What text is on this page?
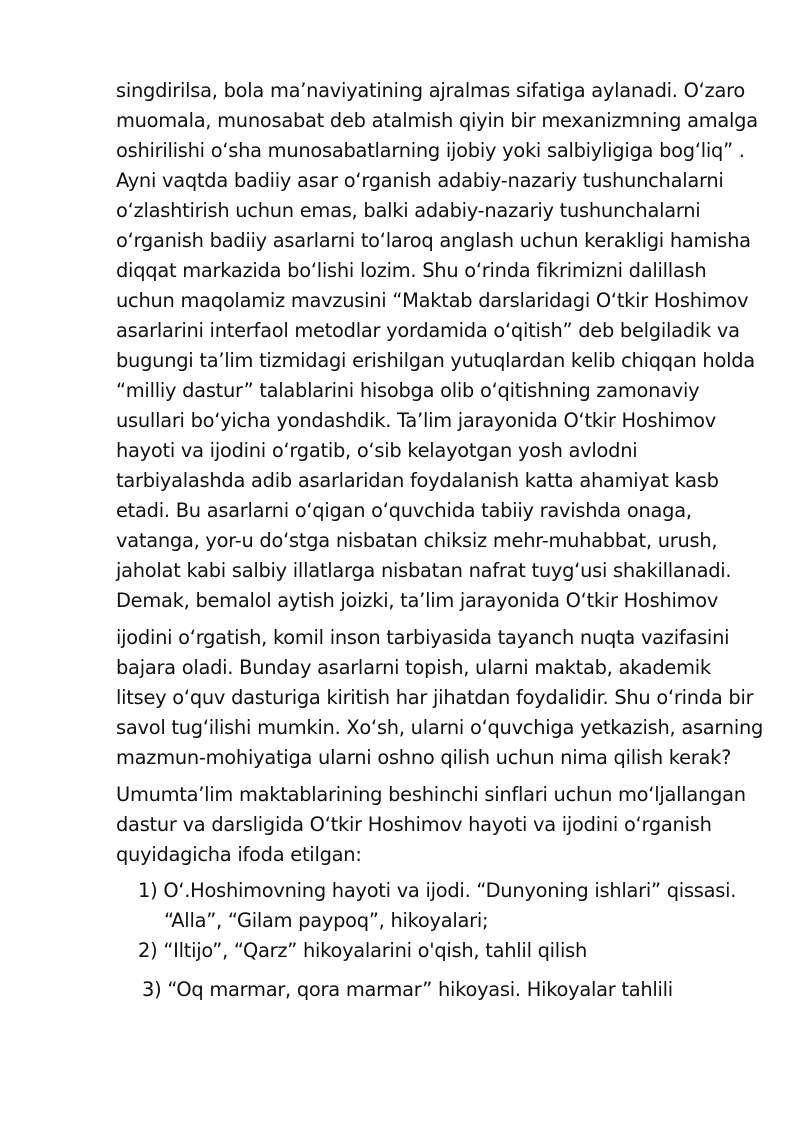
singdirilsa, bola ma’naviyatining ajralmas sifatiga aylanadi. O‘zaro
muomala, munosabat deb atalmish qiyin bir mexanizmning amalga
oshirilishi o‘sha munosabatlarning ijobiy yoki salbiyligiga bog‘liq” .
Ayni vaqtda badiiy asar o‘rganish adabiy-nazariy tushunchalarni
o‘zlashtirish uchun emas, balki adabiy-nazariy tushunchalarni
o‘rganish badiiy asarlarni to‘laroq anglash uchun kerakligi hamisha
diqqat markazida bo‘lishi lozim. Shu o‘rinda fikrimizni dalillash
uchun maqolamiz mavzusini “Maktab darslaridagi O‘tkir Hoshimov
asarlarini interfaol metodlar yordamida o‘qitish” deb belgiladik va
bugungi ta’lim tizmidagi erishilgan yutuqlardan kelib chiqqan holda
“milliy dastur” talablarini hisobga olib o‘qitishning zamonaviy
usullari bo‘yicha yondashdik. Ta’lim jarayonida O‘tkir Hoshimov
hayoti va ijodini o‘rgatib, o‘sib kelayotgan yosh avlodni
tarbiyalashda adib asarlaridan foydalanish katta ahamiyat kasb
etadi. Bu asarlarni o‘qigan o‘quvchida tabiiy ravishda onaga,
vatanga, yor-u do‘stga nisbatan chiksiz mehr-muhabbat, urush,
jaholat kabi salbiy illatlarga nisbatan nafrat tuyg‘usi shakillanadi.
Demak, bemalol aytish joizki, ta’lim jarayonida O‘tkir Hoshimov
ijodini o‘rgatish, komil inson tarbiyasida tayanch nuqta vazifasini
bajara oladi. Bunday asarlarni topish, ularni maktab, akademik
litsey o‘quv dasturiga kiritish har jihatdan foydalidir. Shu o‘rinda bir
savol tug‘ilishi mumkin. Xo‘sh, ularni o‘quvchiga yetkazish, asarning
mazmun-mohiyatiga ularni oshno qilish uchun nima qilish kerak?
Umumta’lim maktablarining beshinchi sinflari uchun mo‘ljallangan
dastur va darsligida O‘tkir Hoshimov hayoti va ijodini o‘rganish
quyidagicha ifoda etilgan:
1) O‘.Hoshimovning hayoti va ijodi. “Dunyoning ishlari” qissasi.
“Alla”, “Gilam paypoq”, hikoyalari;
2) “Iltijo”, “Qarz” hikoyalarini o'qish, tahlil qilish
3) “Oq marmar, qora marmar” hikoyasi. Hikoyalar tahlili
